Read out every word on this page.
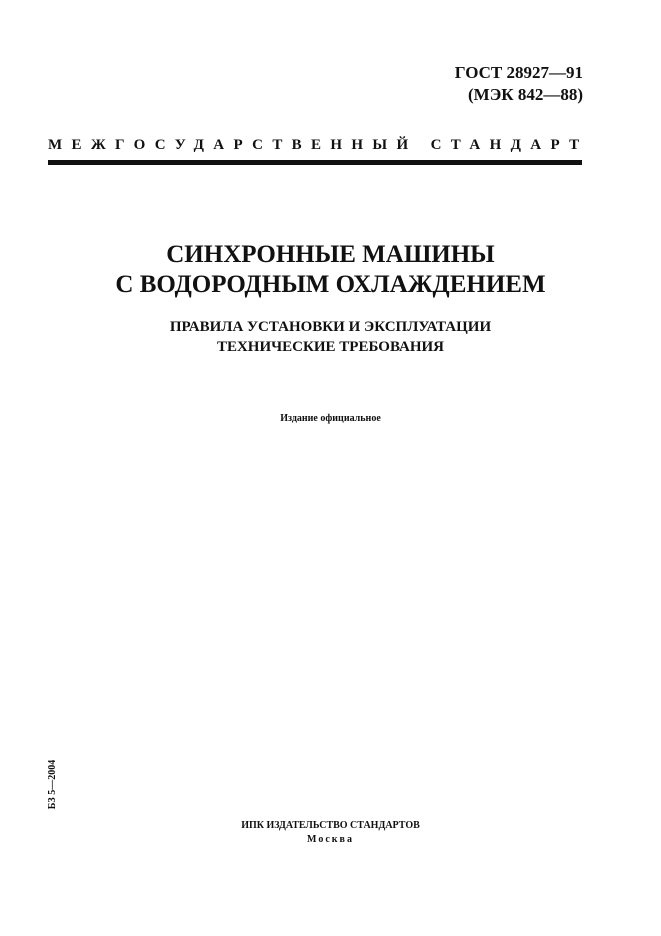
ГОСТ 28927—91
(МЭК 842—88)
МЕЖГОСУДАРСТВЕННЫЙ СТАНДАРТ
СИНХРОННЫЕ МАШИНЫ
С ВОДОРОДНЫМ ОХЛАЖДЕНИЕМ
ПРАВИЛА УСТАНОВКИ И ЭКСПЛУАТАЦИИ
ТЕХНИЧЕСКИЕ ТРЕБОВАНИЯ
Издание официальное
БЗ 5—2004
ИПК ИЗДАТЕЛЬСТВО СТАНДАРТОВ
Москва
